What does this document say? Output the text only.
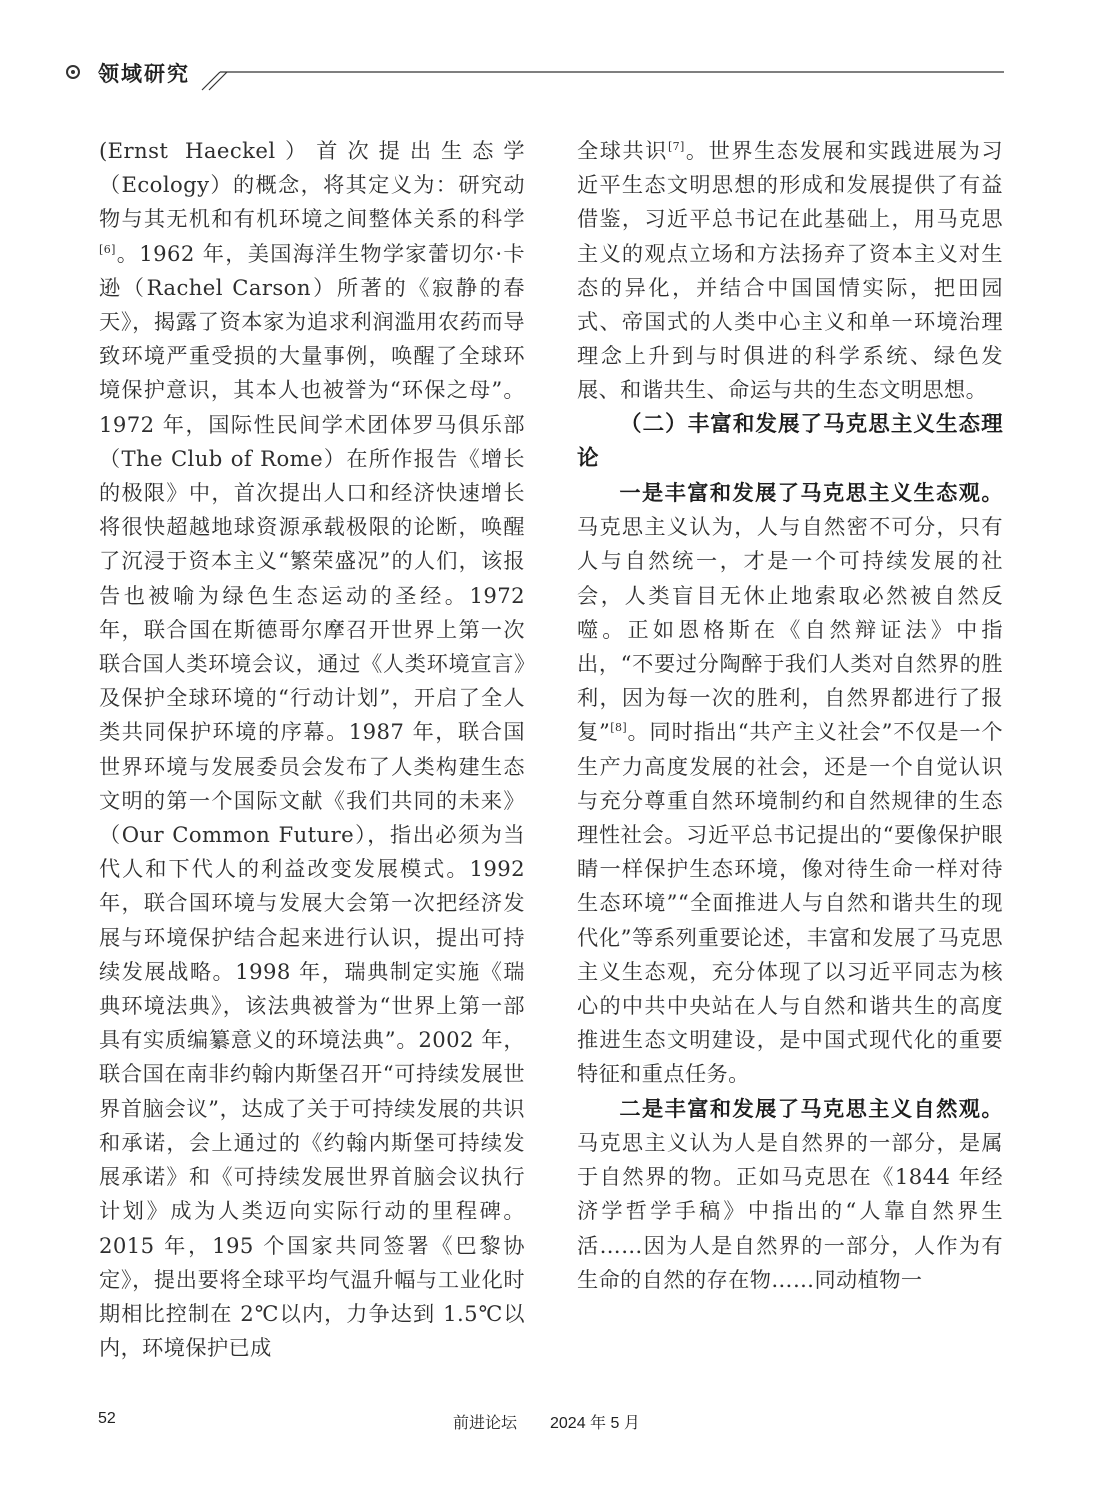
领域研究

(Ernst Haeckel）首次提出生态学（Ecology）的概念，将其定义为：研究动物与其无机和有机环境之间整体关系的科学[6]。1962 年，美国海洋生物学家蕾切尔·卡逊（Rachel Carson）所著的《寂静的春天》，揭露了资本家为追求利润滥用农药而导致环境严重受损的大量事例，唤醒了全球环境保护意识，其本人也被誉为“环保之母”。1972 年，国际性民间学术团体罗马俱乐部（The Club of Rome）在所作报告《增长的极限》中，首次提出人口和经济快速增长将很快超越地球资源承载极限的论断，唤醒了沉浸于资本主义“繁荣盛况”的人们，该报告也被喻为绿色生态运动的圣经。1972 年，联合国在斯德哥尔摩召开世界上第一次联合国人类环境会议，通过《人类环境宣言》及保护全球环境的“行动计划”，开启了全人类共同保护环境的序幕。1987 年，联合国世界环境与发展委员会发布了人类构建生态文明的第一个国际文献《我们共同的未来》（Our Common Future），指出必须为当代人和下代人的利益改变发展模式。1992 年，联合国环境与发展大会第一次把经济发展与环境保护结合起来进行认识，提出可持续发展战略。1998 年，瑞典制定实施《瑞典环境法典》，该法典被誉为“世界上第一部具有实质编纂意义的环境法典”。2002 年，联合国在南非约翰内斯堡召开“可持续发展世界首脑会议”，达成了关于可持续发展的共识和承诺，会上通过的《约翰内斯堡可持续发展承诺》和《可持续发展世界首脑会议执行计划》成为人类迈向实际行动的里程碑。2015 年，195 个国家共同签署《巴黎协定》，提出要将全球平均气温升幅与工业化时期相比控制在 2℃以内，力争达到 1.5℃以内，环境保护已成

全球共识[7]。世界生态发展和实践进展为习近平生态文明思想的形成和发展提供了有益借鉴，习近平总书记在此基础上，用马克思主义的观点立场和方法扬弃了资本主义对生态的异化，并结合中国国情实际，把田园式、帝国式的人类中心主义和单一环境治理理念上升到与时俱进的科学系统、绿色发展、和谐共生、命运与共的生态文明思想。

（二）丰富和发展了马克思主义生态理论

一是丰富和发展了马克思主义生态观。马克思主义认为，人与自然密不可分，只有人与自然统一，才是一个可持续发展的社会，人类盲目无休止地索取必然被自然反噬。正如恩格斯在《自然辩证法》中指出，“不要过分陶醉于我们人类对自然界的胜利，因为每一次的胜利，自然界都进行了报复”[8]。同时指出“共产主义社会”不仅是一个生产力高度发展的社会，还是一个自觉认识与充分尊重自然环境制约和自然规律的生态理性社会。习近平总书记提出的“要像保护眼睛一样保护生态环境，像对待生命一样对待生态环境”“全面推进人与自然和谐共生的现代化”等系列重要论述，丰富和发展了马克思主义生态观，充分体现了以习近平同志为核心的中共中央站在人与自然和谐共生的高度推进生态文明建设，是中国式现代化的重要特征和重点任务。

二是丰富和发展了马克思主义自然观。马克思主义认为人是自然界的一部分，是属于自然界的物。正如马克思在《1844 年经济学哲学手稿》中指出的“人靠自然界生活……因为人是自然界的一部分，人作为有生命的自然的存在物……同动植物一

52	前进论坛 2024 年 5 月
